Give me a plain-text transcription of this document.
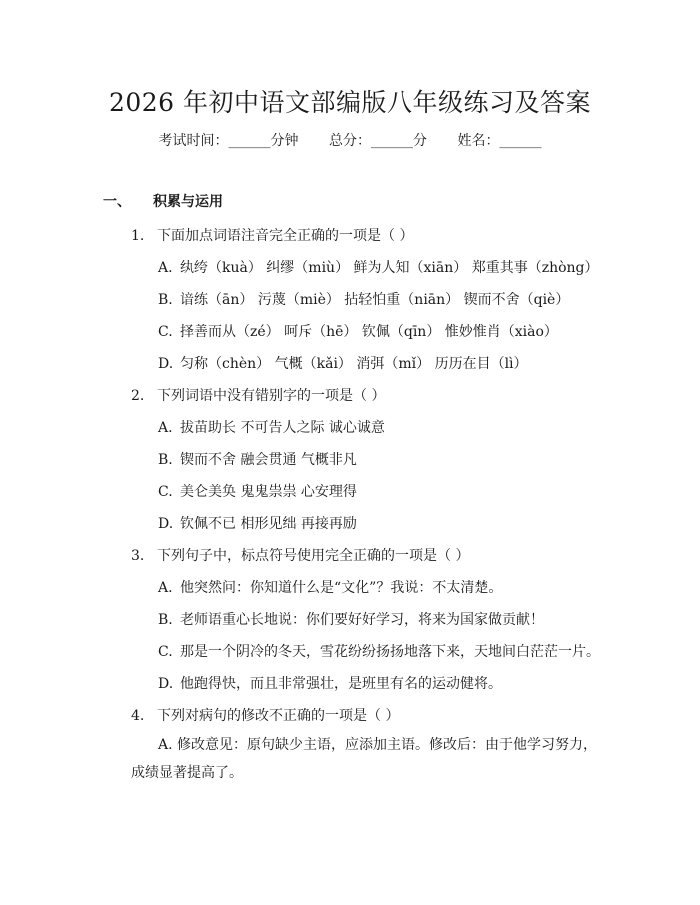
2026 年初中语文部编版八年级练习及答案
考试时间：______分钟 总分：______分 姓名：______
一、 积累与运用
1. 下面加点词语注音完全正确的一项是（ ）
A. 纨绔（kuà） 纠缪（miù） 鲜为人知（xiān） 郑重其事（zhòng）
B. 谙练（ān） 污蔑（miè） 拈轻怕重（niān） 锲而不舍（qiè）
C. 择善而从（zé） 呵斥（hē） 钦佩（qīn） 惟妙惟肖（xiào）
D. 匀称（chèn） 气概（kǎi） 消弭（mǐ） 历历在目（lì）
2. 下列词语中没有错别字的一项是（ ）
A. 拔苗助长 不可告人之际 诚心诚意
B. 锲而不舍 融会贯通 气概非凡
C. 美仑美奂 鬼鬼祟祟 心安理得
D. 钦佩不已 相形见绌 再接再励
3. 下列句子中，标点符号使用完全正确的一项是（ ）
A. 他突然问：你知道什么是“文化”？我说：不太清楚。
B. 老师语重心长地说：你们要好好学习，将来为国家做贡献！
C. 那是一个阴冷的冬天，雪花纷纷扬扬地落下来，天地间白茫茫一片。
D. 他跑得快，而且非常强壮，是班里有名的运动健将。
4. 下列对病句的修改不正确的一项是（ ）
A. 修改意见：原句缺少主语，应添加主语。修改后：由于他学习努力，成绩显著提高了。
